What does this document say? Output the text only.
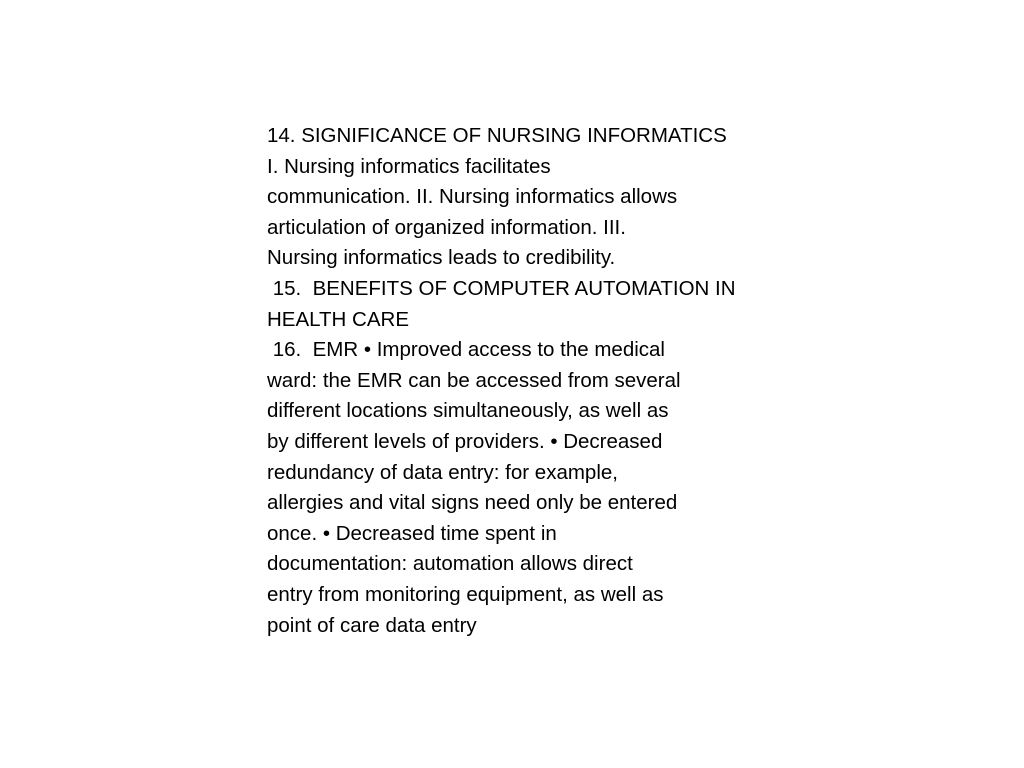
14. SIGNIFICANCE OF NURSING INFORMATICS
I. Nursing informatics facilitates
communication. II. Nursing informatics allows
articulation of organized information. III.
Nursing informatics leads to credibility.
15.  BENEFITS OF COMPUTER AUTOMATION IN
HEALTH CARE
16.  EMR • Improved access to the medical
ward: the EMR can be accessed from several
different locations simultaneously, as well as
by different levels of providers. • Decreased
redundancy of data entry: for example,
allergies and vital signs need only be entered
once. • Decreased time spent in
documentation: automation allows direct
entry from monitoring equipment, as well as
point of care data entry
